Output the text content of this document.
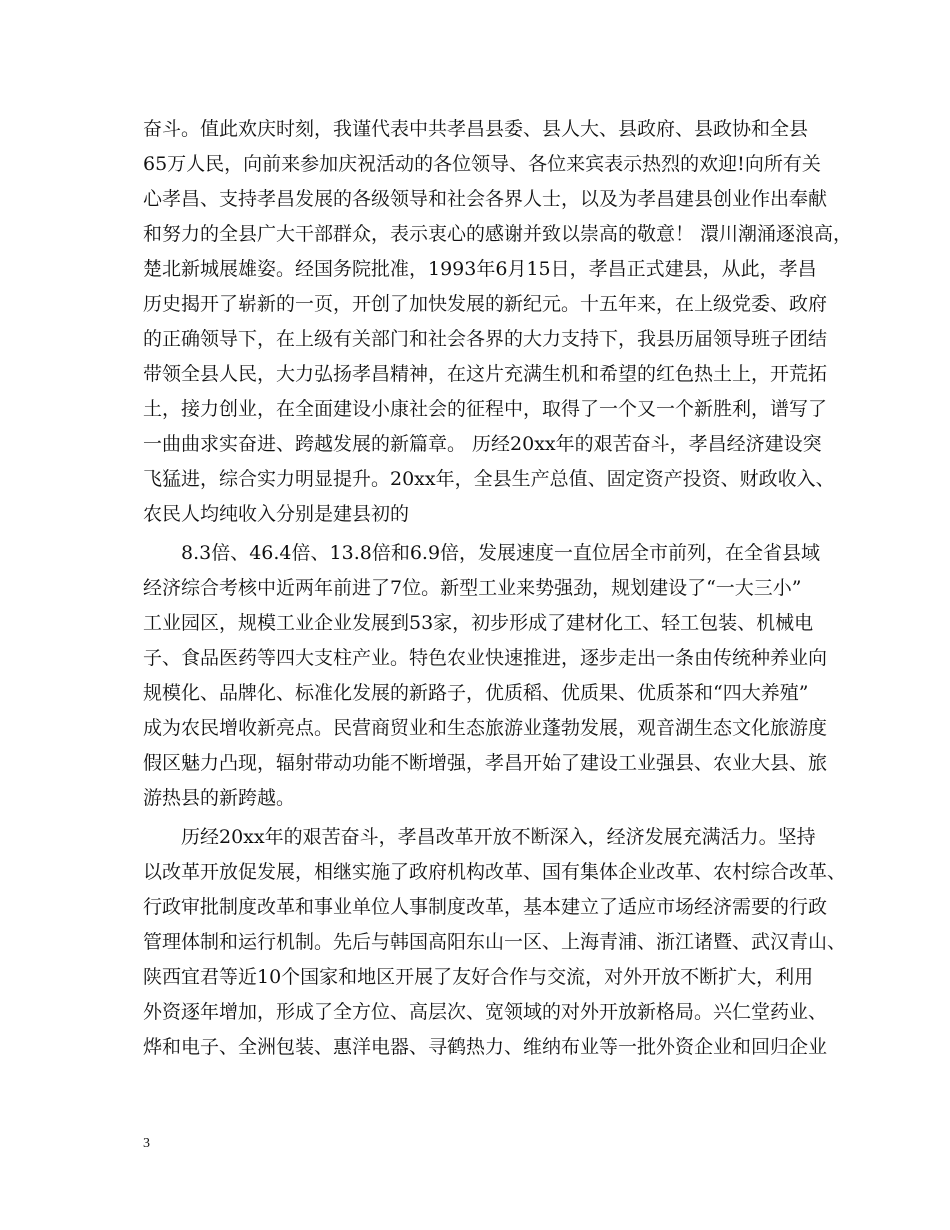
奋斗。值此欢庆时刻，我谨代表中共孝昌县委、县人大、县政府、县政协和全县
65万人民，向前来参加庆祝活动的各位领导、各位来宾表示热烈的欢迎!向所有关
心孝昌、支持孝昌发展的各级领导和社会各界人士，以及为孝昌建县创业作出奉献
和努力的全县广大干部群众，表示衷心的感谢并致以崇高的敬意！ 澴川潮涌逐浪高，
楚北新城展雄姿。经国务院批准，1993年6月15日，孝昌正式建县，从此，孝昌
历史揭开了崭新的一页，开创了加快发展的新纪元。十五年来，在上级党委、政府
的正确领导下，在上级有关部门和社会各界的大力支持下，我县历届领导班子团结
带领全县人民，大力弘扬孝昌精神，在这片充满生机和希望的红色热土上，开荒拓
土，接力创业，在全面建设小康社会的征程中，取得了一个又一个新胜利，谱写了
一曲曲求实奋进、跨越发展的新篇章。 历经20xx年的艰苦奋斗，孝昌经济建设突
飞猛进，综合实力明显提升。20xx年，全县生产总值、固定资产投资、财政收入、
农民人均纯收入分别是建县初的
8.3倍、46.4倍、13.8倍和6.9倍，发展速度一直位居全市前列，在全省县域
经济综合考核中近两年前进了7位。新型工业来势强劲，规划建设了“一大三小”
工业园区，规模工业企业发展到53家，初步形成了建材化工、轻工包装、机械电
子、食品医药等四大支柱产业。特色农业快速推进，逐步走出一条由传统种养业向
规模化、品牌化、标准化发展的新路子，优质稻、优质果、优质茶和“四大养殖”
成为农民增收新亮点。民营商贸业和生态旅游业蓬勃发展，观音湖生态文化旅游度
假区魅力凸现，辐射带动功能不断增强，孝昌开始了建设工业强县、农业大县、旅
游热县的新跨越。
历经20xx年的艰苦奋斗，孝昌改革开放不断深入，经济发展充满活力。坚持
以改革开放促发展，相继实施了政府机构改革、国有集体企业改革、农村综合改革、
行政审批制度改革和事业单位人事制度改革，基本建立了适应市场经济需要的行政
管理体制和运行机制。先后与韩国高阳东山一区、上海青浦、浙江诸暨、武汉青山、
陕西宜君等近10个国家和地区开展了友好合作与交流，对外开放不断扩大，利用
外资逐年增加，形成了全方位、高层次、宽领域的对外开放新格局。兴仁堂药业、
烨和电子、全洲包装、惠洋电器、寻鹤热力、维纳布业等一批外资企业和回归企业
3
